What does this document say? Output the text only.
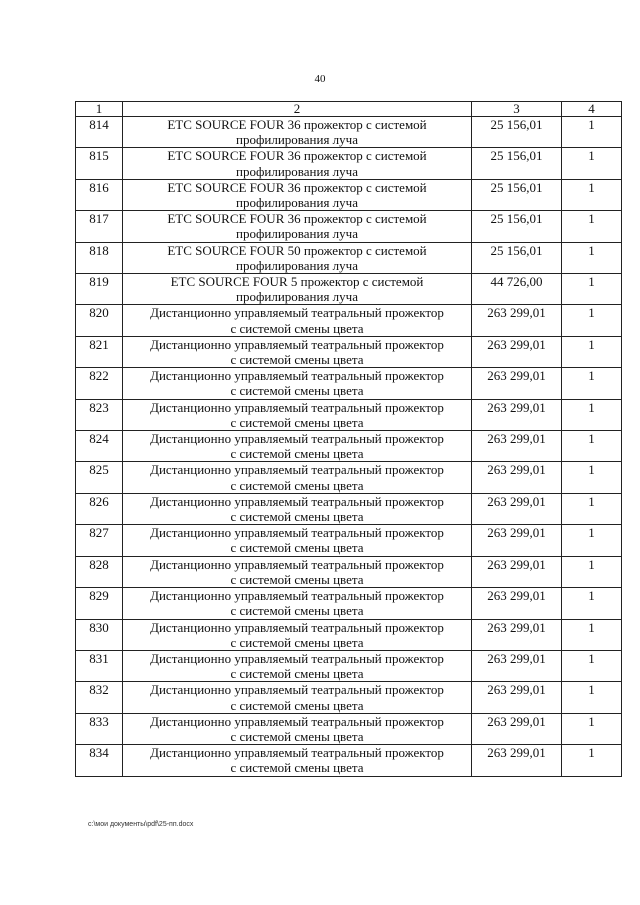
40
1	2	3	4
814	ETC SOURCE FOUR 36 прожектор с системой
профилирования луча	25 156,01	1
815	ETC SOURCE FOUR 36 прожектор с системой
профилирования луча	25 156,01	1
816	ETC SOURCE FOUR 36 прожектор с системой
профилирования луча	25 156,01	1
817	ETC SOURCE FOUR 36 прожектор с системой
профилирования луча	25 156,01	1
818	ETC SOURCE FOUR 50 прожектор с системой
профилирования луча	25 156,01	1
819	ETC SOURCE FOUR 5 прожектор с системой
профилирования луча	44 726,00	1
820	Дистанционно управляемый театральный прожектор
с системой смены цвета	263 299,01	1
821	Дистанционно управляемый театральный прожектор
с системой смены цвета	263 299,01	1
822	Дистанционно управляемый театральный прожектор
с системой смены цвета	263 299,01	1
823	Дистанционно управляемый театральный прожектор
с системой смены цвета	263 299,01	1
824	Дистанционно управляемый театральный прожектор
с системой смены цвета	263 299,01	1
825	Дистанционно управляемый театральный прожектор
с системой смены цвета	263 299,01	1
826	Дистанционно управляемый театральный прожектор
с системой смены цвета	263 299,01	1
827	Дистанционно управляемый театральный прожектор
с системой смены цвета	263 299,01	1
828	Дистанционно управляемый театральный прожектор
с системой смены цвета	263 299,01	1
829	Дистанционно управляемый театральный прожектор
с системой смены цвета	263 299,01	1
830	Дистанционно управляемый театральный прожектор
с системой смены цвета	263 299,01	1
831	Дистанционно управляемый театральный прожектор
с системой смены цвета	263 299,01	1
832	Дистанционно управляемый театральный прожектор
с системой смены цвета	263 299,01	1
833	Дистанционно управляемый театральный прожектор
с системой смены цвета	263 299,01	1
834	Дистанционно управляемый театральный прожектор
с системой смены цвета	263 299,01	1
c:\мои документы\pdf\25-пп.docx
